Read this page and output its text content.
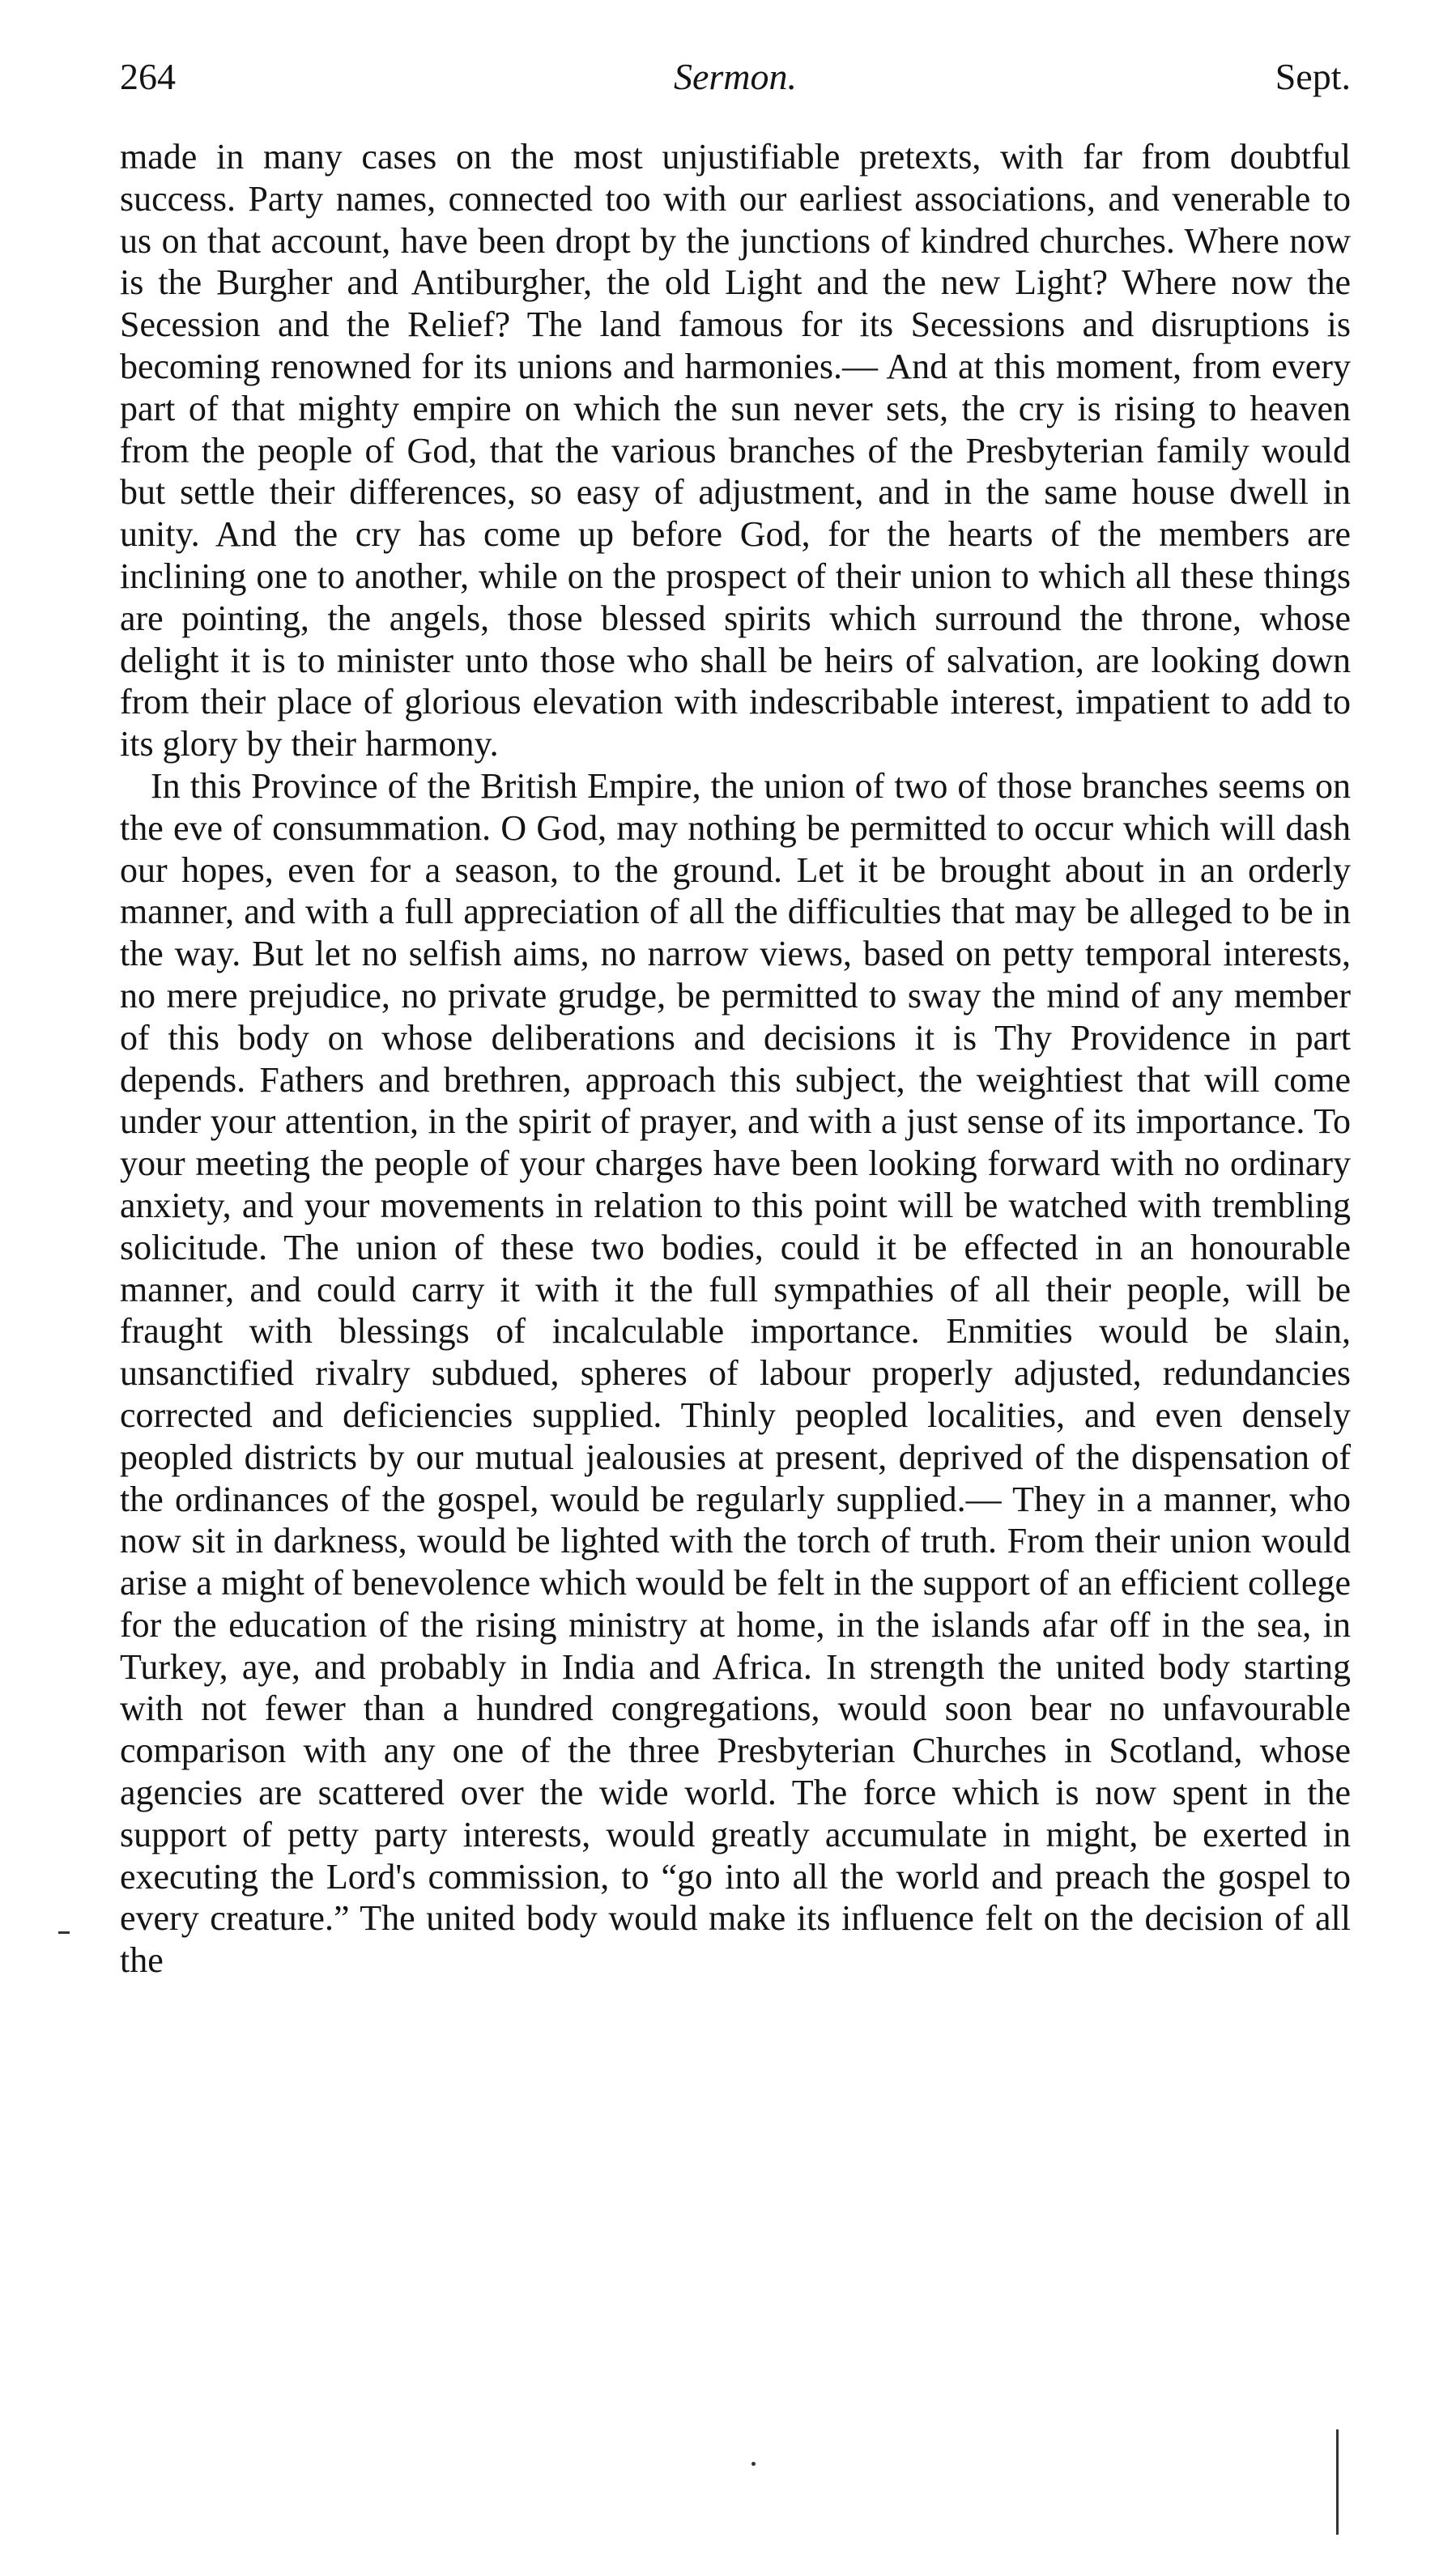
264	Sermon.	Sept.

made in many cases on the most unjustifiable pretexts, with far from doubtful success. Party names, connected too with our earliest associations, and venerable to us on that account, have been dropt by the junctions of kindred churches. Where now is the Burgher and Antiburgher, the old Light and the new Light? Where now the Secession and the Relief? The land famous for its Secessions and disruptions is becoming renowned for its unions and harmonies.— And at this moment, from every part of that mighty empire on which the sun never sets, the cry is rising to heaven from the people of God, that the various branches of the Presbyterian family would but settle their differences, so easy of adjustment, and in the same house dwell in unity. And the cry has come up before God, for the hearts of the members are inclining one to another, while on the prospect of their union to which all these things are pointing, the angels, those blessed spirits which surround the throne, whose delight it is to minister unto those who shall be heirs of salvation, are looking down from their place of glorious elevation with indescribable interest, impatient to add to its glory by their harmony.

In this Province of the British Empire, the union of two of those branches seems on the eve of consummation. O God, may nothing be permitted to occur which will dash our hopes, even for a season, to the ground. Let it be brought about in an orderly manner, and with a full appreciation of all the difficulties that may be alleged to be in the way. But let no selfish aims, no narrow views, based on petty temporal interests, no mere prejudice, no private grudge, be permitted to sway the mind of any member of this body on whose deliberations and decisions it is Thy Providence in part depends. Fathers and brethren, approach this subject, the weightiest that will come under your attention, in the spirit of prayer, and with a just sense of its importance. To your meeting the people of your charges have been looking forward with no ordinary anxiety, and your movements in relation to this point will be watched with trembling solicitude. The union of these two bodies, could it be effected in an honourable manner, and could carry it with it the full sympathies of all their people, will be fraught with blessings of incalculable importance. Enmities would be slain, unsanctified rivalry subdued, spheres of labour properly adjusted, redundancies corrected and deficiencies supplied. Thinly peopled localities, and even densely peopled districts by our mutual jealousies at present, deprived of the dispensation of the ordinances of the gospel, would be regularly supplied.— They in a manner, who now sit in darkness, would be lighted with the torch of truth. From their union would arise a might of benevolence which would be felt in the support of an efficient college for the education of the rising ministry at home, in the islands afar off in the sea, in Turkey, aye, and probably in India and Africa. In strength the united body starting with not fewer than a hundred congregations, would soon bear no unfavourable comparison with any one of the three Presbyterian Churches in Scotland, whose agencies are scattered over the wide world. The force which is now spent in the support of petty party interests, would greatly accumulate in might, be exerted in executing the Lord's commission, to “go into all the world and preach the gospel to every creature.” The united body would make its influence felt on the decision of all the
